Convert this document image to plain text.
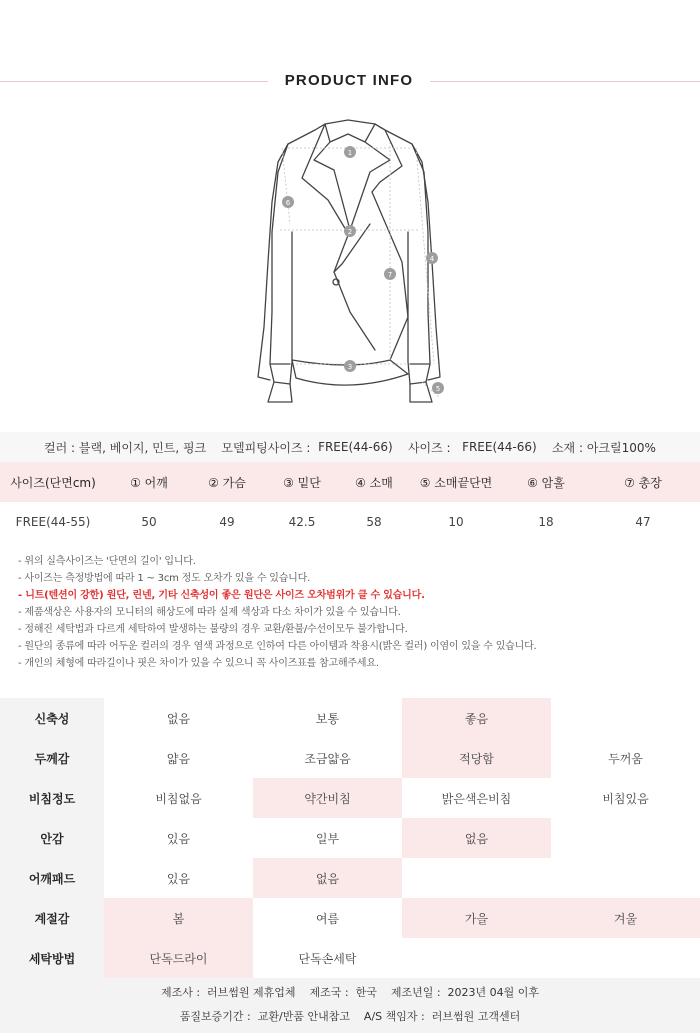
PRODUCT INFO
1
2
3
4
5
6
7
컬러 :
블랙, 베이지, 민트, 핑크
모델피팅사이즈 :
FREE(44-66)
사이즈 :
FREE(44-66)
소재 :
아크릴100%
사이즈(단면cm)	① 어깨	② 가슴	③ 밑단	④ 소매	⑤ 소매끝단면	⑥ 암홀	⑦ 총장
FREE(44-55)	50	49	42.5	58	10	18	47
- 위의 실측사이즈는 '단면의 길이' 입니다.
- 사이즈는 측정방법에 따라 1 ~ 3cm 정도 오차가 있을 수 있습니다.
- 니트(텐션이 강한) 원단, 린넨, 기타 신축성이 좋은 원단은 사이즈 오차범위가 클 수 있습니다.
- 제품색상은 사용자의 모니터의 해상도에 따라 실제 색상과 다소 차이가 있을 수 있습니다.
- 정해진 세탁법과 다르게 세탁하여 발생하는 불량의 경우 교환/환불/수선이모두 불가합니다.
- 원단의 종류에 따라 어두운 컬러의 경우 염색 과정으로 인하여 다른 아이템과 착용시(밝은 컬러) 이염이 있을 수 있습니다.
- 개인의 체형에 따라길이나 핏은 차이가 있을 수 있으니 꼭 사이즈표를 참고해주세요.
신축성	없음	보통	좋음	
두께감	얇음	조금얇음	적당함	두꺼움
비침정도	비침없음	약간비침	밝은색은비침	비침있음
안감	있음	일부	없음	
어깨패드	있음	없음		
계절감	봄	여름	가을	겨울
세탁방법	단독드라이	단독손세탁		
제조사 :  러브썸원 제휴업체    제조국 :  한국    제조년일 :  2023년 04월 이후
품질보증기간 :  교환/반품 안내참고    A/S 책임자 :  러브썸원 고객센터
